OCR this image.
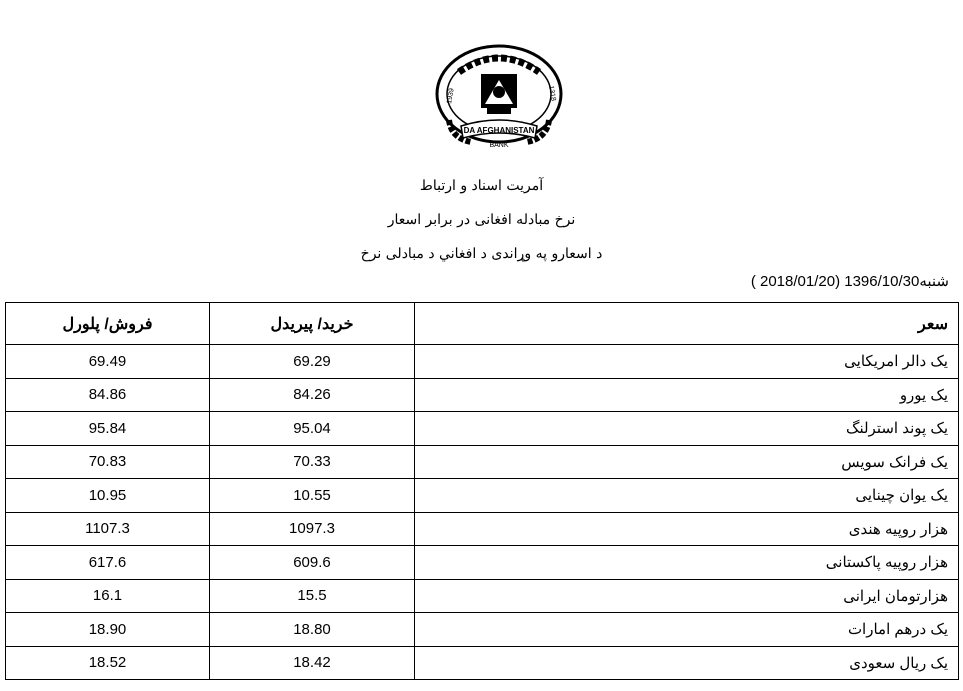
DA AFGHANISTAN
BANK
1939	1318
آمریت اسناد و ارتباط
نرخ مبادله افغانی در برابر اسعار
د اسعارو په وړاندی د افغاني د مبادلی نرخ
شنبه1396/10/30 (2018/01/20 )
فروش/ پلورل	خرید/ پیریدل	سعر
69.49	69.29	یک دالر امریکایی
84.86	84.26	یک یورو
95.84	95.04	یک پوند استرلنگ
70.83	70.33	یک فرانک سویس
10.95	10.55	یک یوان چینایی
1107.3	1097.3	هزار روپیه هندی
617.6	609.6	هزار روپیه پاکستانی
16.1	15.5	هزارتومان ایرانی
18.90	18.80	یک درهم امارات
18.52	18.42	یک ریال سعودی
